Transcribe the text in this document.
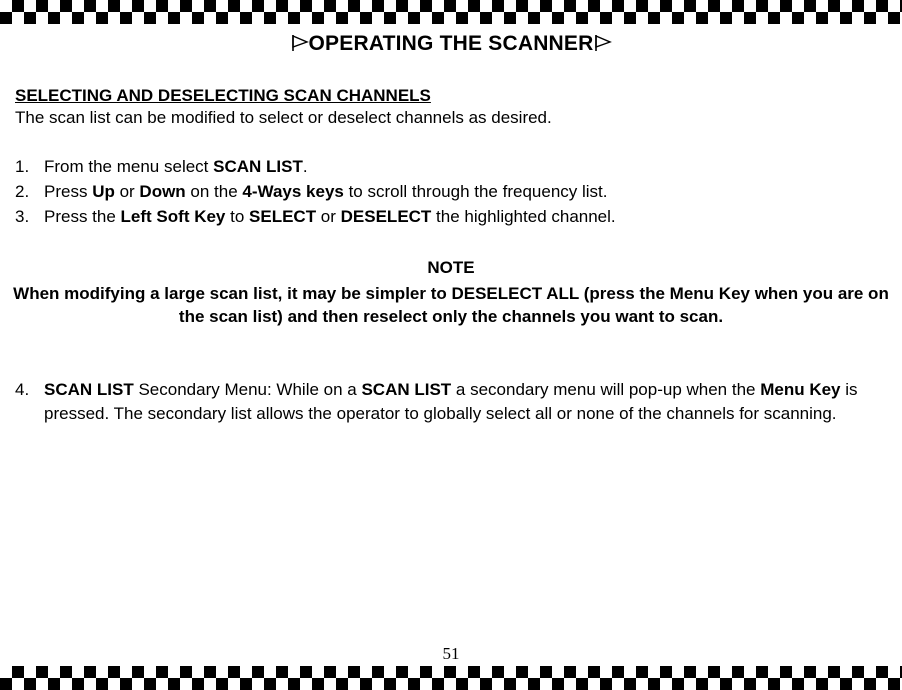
OPERATING THE SCANNER
SELECTING AND DESELECTING SCAN CHANNELS
The scan list can be modified to select or deselect channels as desired.
1. From the menu select SCAN LIST.
2. Press Up or Down on the 4-Ways keys to scroll through the frequency list.
3. Press the Left Soft Key to SELECT or DESELECT the highlighted channel.
NOTE
When modifying a large scan list, it may be simpler to DESELECT ALL (press the Menu Key when you are on the scan list) and then reselect only the channels you want to scan.
4. SCAN LIST Secondary Menu: While on a SCAN LIST a secondary menu will pop-up when the Menu Key is pressed. The secondary list allows the operator to globally select all or none of the channels for scanning.
51
